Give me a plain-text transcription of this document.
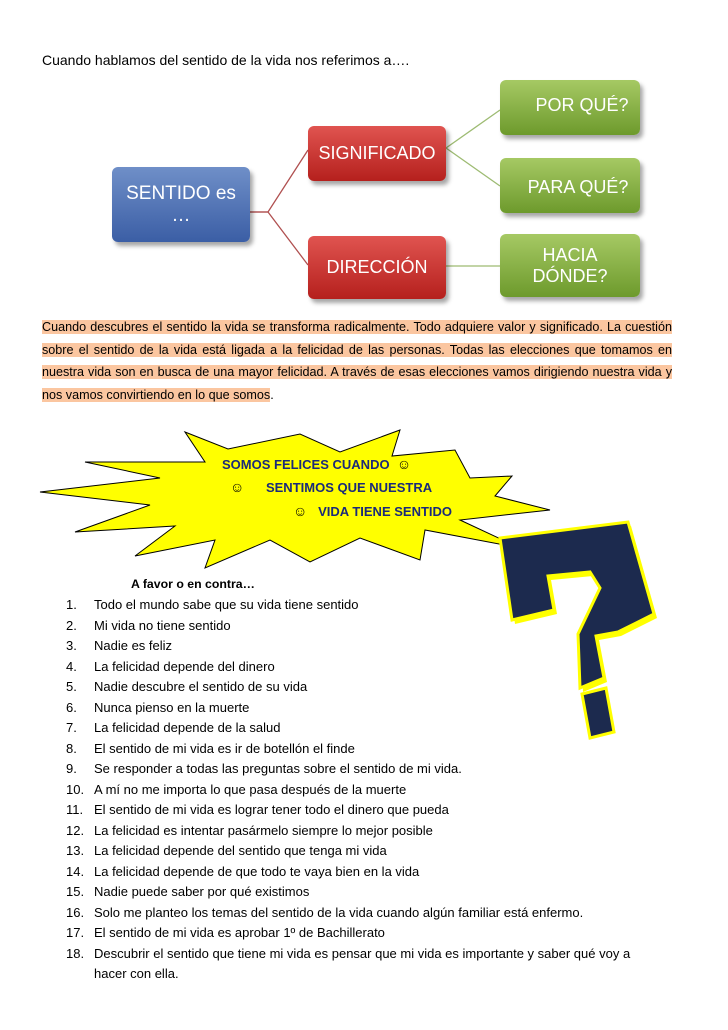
Cuando hablamos del sentido de la vida nos referimos a….
SENTIDO es …
SIGNIFICADO
DIRECCIÓN
POR QUÉ?
PARA QUÉ?
HACIA DÓNDE?
Cuando descubres el sentido la vida se transforma radicalmente. Todo adquiere valor y significado. La cuestión sobre el sentido de la vida está ligada a la felicidad de las personas. Todas las elecciones que tomamos en nuestra vida son en busca de una mayor felicidad. A través de esas elecciones vamos dirigiendo nuestra vida y nos vamos convirtiendo en lo que somos.
SOMOS FELICES CUANDO ☺
☺ SENTIMOS QUE NUESTRA
☺ VIDA TIENE SENTIDO
A favor o en contra…
1.	Todo el mundo sabe que su vida tiene sentido
2.	Mi vida no tiene sentido
3.	Nadie es feliz
4.	La felicidad depende del dinero
5.	Nadie descubre el sentido de su vida
6.	Nunca pienso en la muerte
7.	La felicidad depende de la salud
8.	El sentido de mi vida es ir de botellón el finde
9.	Se responder a todas las preguntas sobre el sentido de mi vida.
10. A mí no me importa lo que pasa después de la muerte
11. El sentido de mi vida es lograr tener todo el dinero que pueda
12. La felicidad es intentar pasármelo siempre lo mejor posible
13. La felicidad depende del sentido que tenga mi vida
14. La felicidad depende de que todo te vaya bien en la vida
15. Nadie puede saber por qué existimos
16. Solo me planteo los temas del sentido de la vida cuando algún familiar está enfermo.
17. El sentido de mi vida es aprobar 1º de Bachillerato
18. Descubrir el sentido que tiene mi vida es pensar que mi vida es importante y saber qué voy a hacer con ella.
